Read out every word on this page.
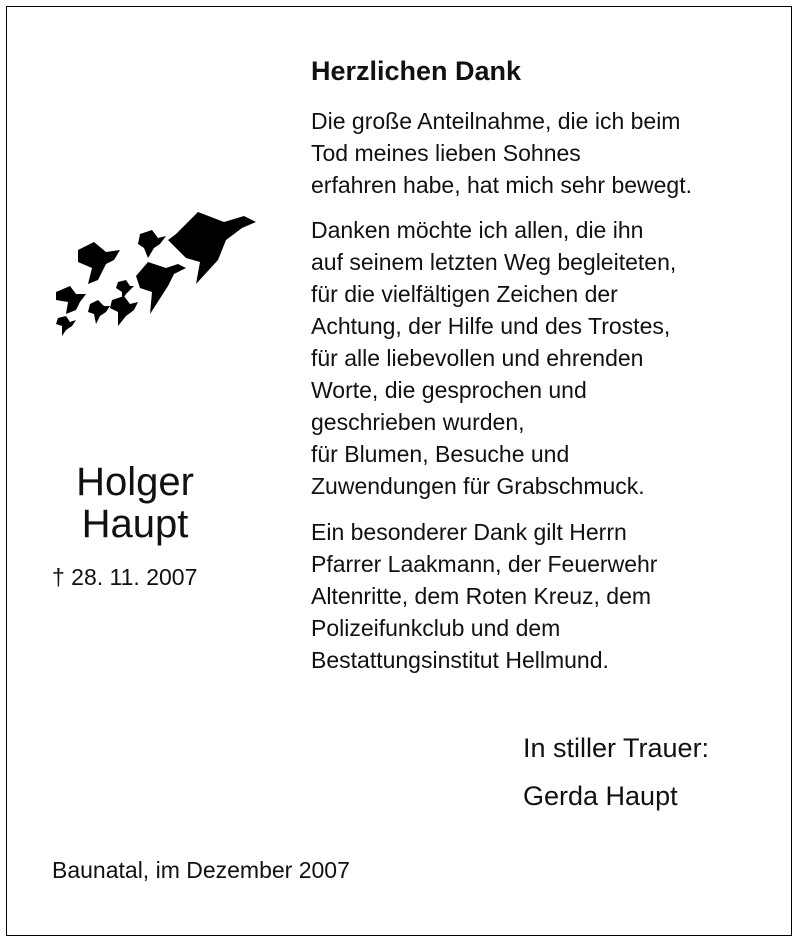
Holger
Haupt
† 28. 11. 2007
Herzlichen Dank
Die große Anteilnahme, die ich beim
Tod meines lieben Sohnes
erfahren habe, hat mich sehr bewegt.
Danken möchte ich allen, die ihn
auf seinem letzten Weg begleiteten,
für die vielfältigen Zeichen der
Achtung, der Hilfe und des Trostes,
für alle liebevollen und ehrenden
Worte, die gesprochen und
geschrieben wurden,
für Blumen, Besuche und
Zuwendungen für Grabschmuck.
Ein besonderer Dank gilt Herrn
Pfarrer Laakmann, der Feuerwehr
Altenritte, dem Roten Kreuz, dem
Polizeifunkclub und dem
Bestattungsinstitut Hellmund.
In stiller Trauer:
Gerda Haupt
Baunatal, im Dezember 2007
